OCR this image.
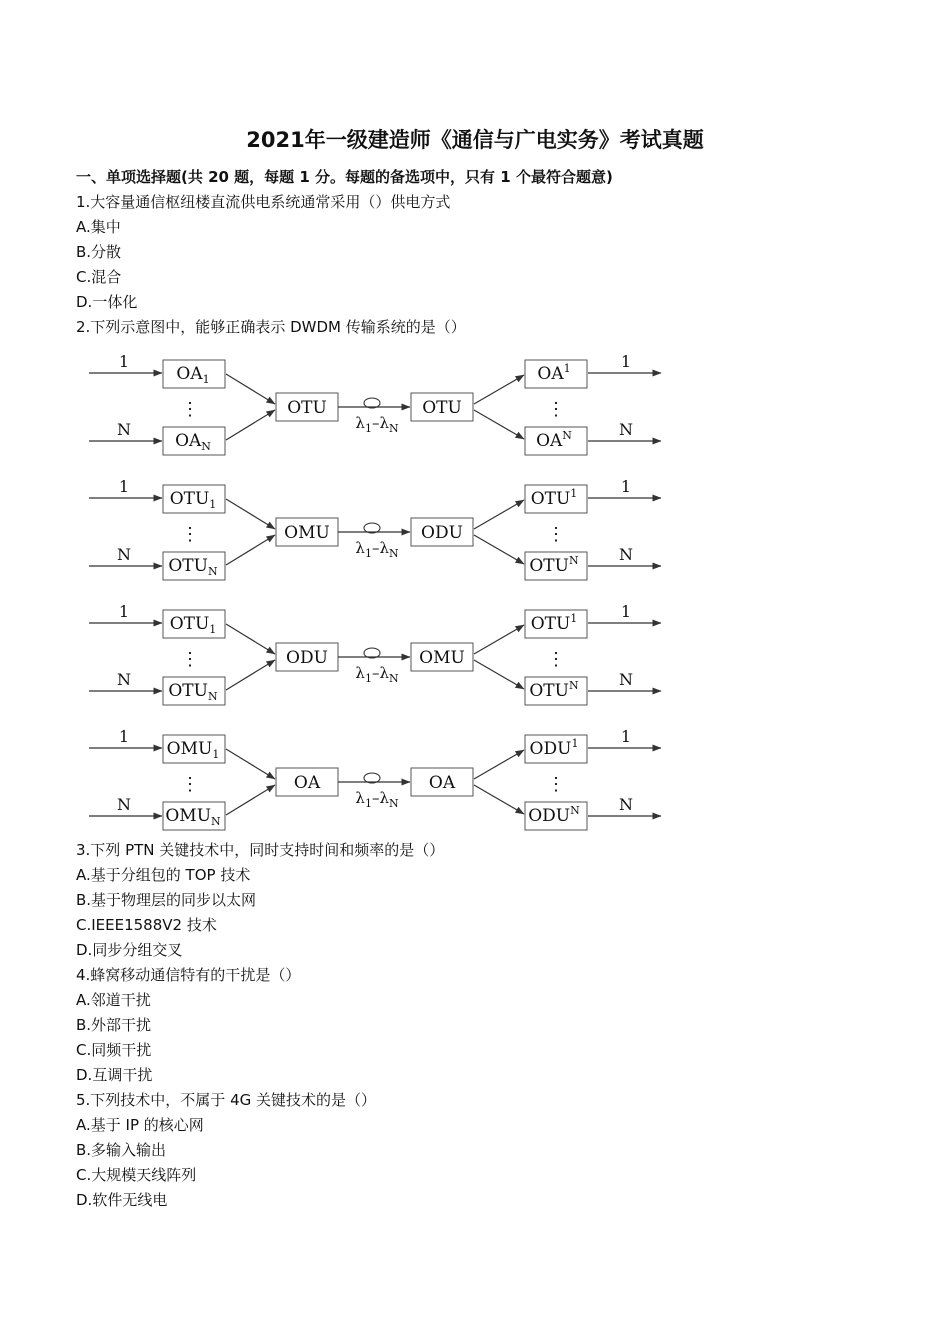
2021年一级建造师《通信与广电实务》考试真题
一、单项选择题(共 20 题，每题 1 分。每题的备选项中，只有 1 个最符合题意)
1.大容量通信枢纽楼直流供电系统通常采用（）供电方式
A.集中
B.分散
C.混合
D.一体化
2.下列示意图中，能够正确表示 DWDM 传输系统的是（）
1
N
$OA_1$
⋮
$OA_N$
OTU
$\lambda_1-\lambda_N$
OTU
$OA^1$
⋮
$OA^N$
1
N
1
N
$OTU_1$
⋮
$OTU_N$
OMU
$\lambda_1-\lambda_N$
ODU
OTU$^1$
⋮
$OTU^N$
1
N
1
N
$OTU_1$
⋮
$OTU_N$
ODU
$\lambda_1-\lambda_N$
OMU
OTU$^1$
⋮
$OTU^N$
1
N
1
N
$OMU_1$
⋮
$OMU_N$
OA
$\lambda_1-\lambda_N$
OA
ODU$^1$
⋮
$ODU^N$
1
N
3.下列 PTN 关键技术中，同时支持时间和频率的是（）
A.基于分组包的 TOP 技术
B.基于物理层的同步以太网
C.IEEE1588V2 技术
D.同步分组交叉
4.蜂窝移动通信特有的干扰是（）
A.邻道干扰
B.外部干扰
C.同频干扰
D.互调干扰
5.下列技术中，不属于 4G 关键技术的是（）
A.基于 IP 的核心网
B.多输入输出
C.大规模天线阵列
D.软件无线电
